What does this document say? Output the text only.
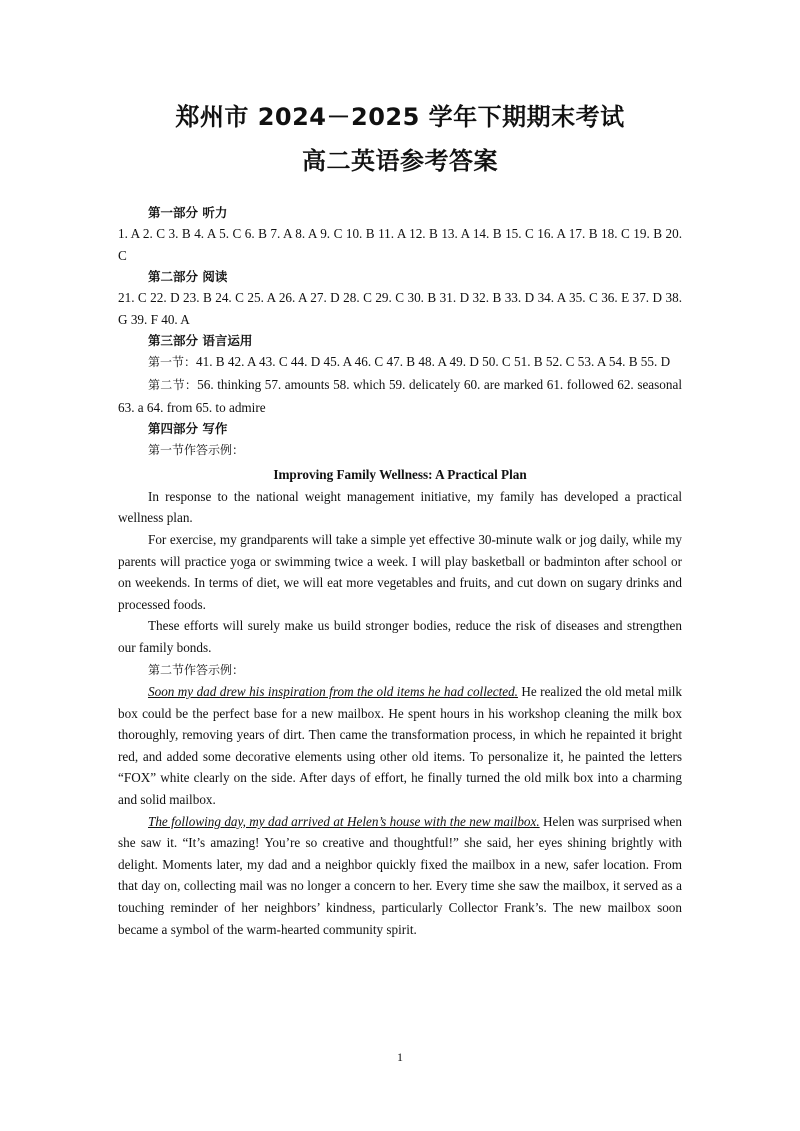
郑州市 2024－2025 学年下期期末考试
高二英语参考答案
第一部分 听力

1. A 2. C 3. B 4. A 5. C 6. B 7. A 8. A 9. C 10. B 11. A 12. B 13. A 14. B 15. C 16. A 17. B 18. C 19. B 20. C

第二部分 阅读

21. C 22. D 23. B 24. C 25. A 26. A 27. D 28. C 29. C 30. B 31. D 32. B 33. D 34. A 35. C 36. E 37. D 38. G 39. F 40. A

第三部分 语言运用

第一节：41. B 42. A 43. C 44. D 45. A 46. C 47. B 48. A 49. D 50. C 51. B 52. C 53. A 54. B 55. D

第二节：56. thinking 57. amounts 58. which 59. delicately 60. are marked 61. followed 62. seasonal 63. a 64. from 65. to admire

第四部分 写作

第一节作答示例：

Improving Family Wellness: A Practical Plan

In response to the national weight management initiative, my family has developed a practical wellness plan.

For exercise, my grandparents will take a simple yet effective 30-minute walk or jog daily, while my parents will practice yoga or swimming twice a week. I will play basketball or badminton after school or on weekends. In terms of diet, we will eat more vegetables and fruits, and cut down on sugary drinks and processed foods.

These efforts will surely make us build stronger bodies, reduce the risk of diseases and strengthen our family bonds.

第二节作答示例：

Soon my dad drew his inspiration from the old items he had collected. He realized the old metal milk box could be the perfect base for a new mailbox. He spent hours in his workshop cleaning the milk box thoroughly, removing years of dirt. Then came the transformation process, in which he repainted it bright red, and added some decorative elements using other old items. To personalize it, he painted the letters “FOX” white clearly on the side. After days of effort, he finally turned the old milk box into a charming and solid mailbox.

The following day, my dad arrived at Helen’s house with the new mailbox. Helen was surprised when she saw it. “It’s amazing! You’re so creative and thoughtful!” she said, her eyes shining brightly with delight. Moments later, my dad and a neighbor quickly fixed the mailbox in a new, safer location. From that day on, collecting mail was no longer a concern to her. Every time she saw the mailbox, it served as a touching reminder of her neighbors’ kindness, particularly Collector Frank’s. The new mailbox soon became a symbol of the warm-hearted community spirit.

1
